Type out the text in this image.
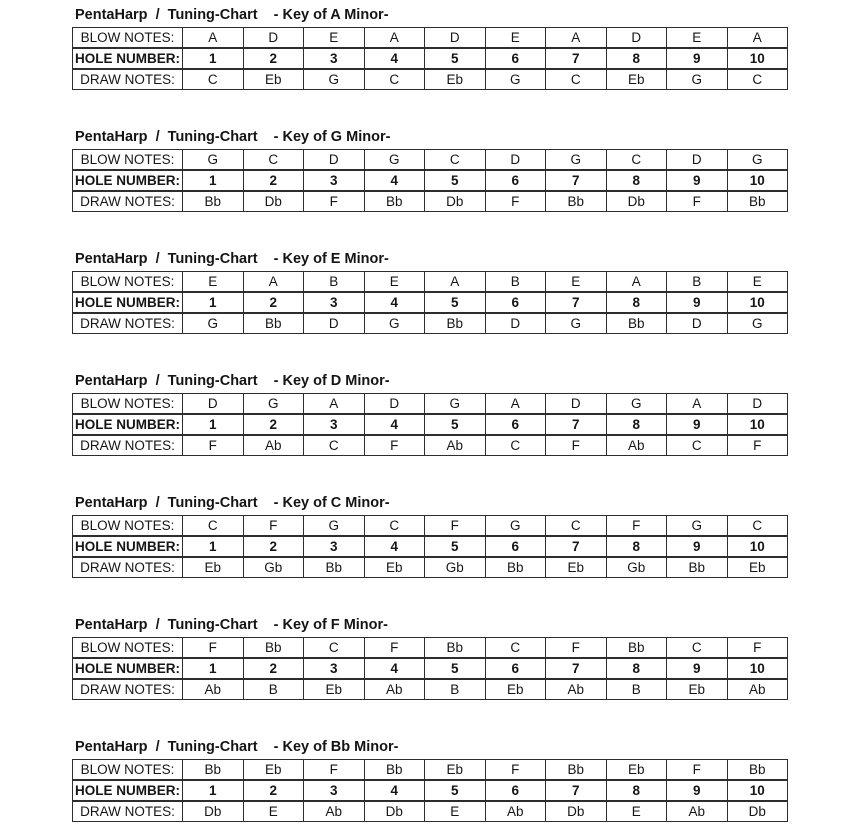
PentaHarp  /  Tuning-Chart - Key of A Minor-
BLOW NOTES:	A	D	E	A	D	E	A	D	E	A
HOLE NUMBER:	1	2	3	4	5	6	7	8	9	10
DRAW NOTES:	C	Eb	G	C	Eb	G	C	Eb	G	C
PentaHarp  /  Tuning-Chart - Key of G Minor-
BLOW NOTES:	G	C	D	G	C	D	G	C	D	G
HOLE NUMBER:	1	2	3	4	5	6	7	8	9	10
DRAW NOTES:	Bb	Db	F	Bb	Db	F	Bb	Db	F	Bb
PentaHarp  /  Tuning-Chart - Key of E Minor-
BLOW NOTES:	E	A	B	E	A	B	E	A	B	E
HOLE NUMBER:	1	2	3	4	5	6	7	8	9	10
DRAW NOTES:	G	Bb	D	G	Bb	D	G	Bb	D	G
PentaHarp  /  Tuning-Chart - Key of D Minor-
BLOW NOTES:	D	G	A	D	G	A	D	G	A	D
HOLE NUMBER:	1	2	3	4	5	6	7	8	9	10
DRAW NOTES:	F	Ab	C	F	Ab	C	F	Ab	C	F
PentaHarp  /  Tuning-Chart - Key of C Minor-
BLOW NOTES:	C	F	G	C	F	G	C	F	G	C
HOLE NUMBER:	1	2	3	4	5	6	7	8	9	10
DRAW NOTES:	Eb	Gb	Bb	Eb	Gb	Bb	Eb	Gb	Bb	Eb
PentaHarp  /  Tuning-Chart - Key of F Minor-
BLOW NOTES:	F	Bb	C	F	Bb	C	F	Bb	C	F
HOLE NUMBER:	1	2	3	4	5	6	7	8	9	10
DRAW NOTES:	Ab	B	Eb	Ab	B	Eb	Ab	B	Eb	Ab
PentaHarp  /  Tuning-Chart - Key of Bb Minor-
BLOW NOTES:	Bb	Eb	F	Bb	Eb	F	Bb	Eb	F	Bb
HOLE NUMBER:	1	2	3	4	5	6	7	8	9	10
DRAW NOTES:	Db	E	Ab	Db	E	Ab	Db	E	Ab	Db
